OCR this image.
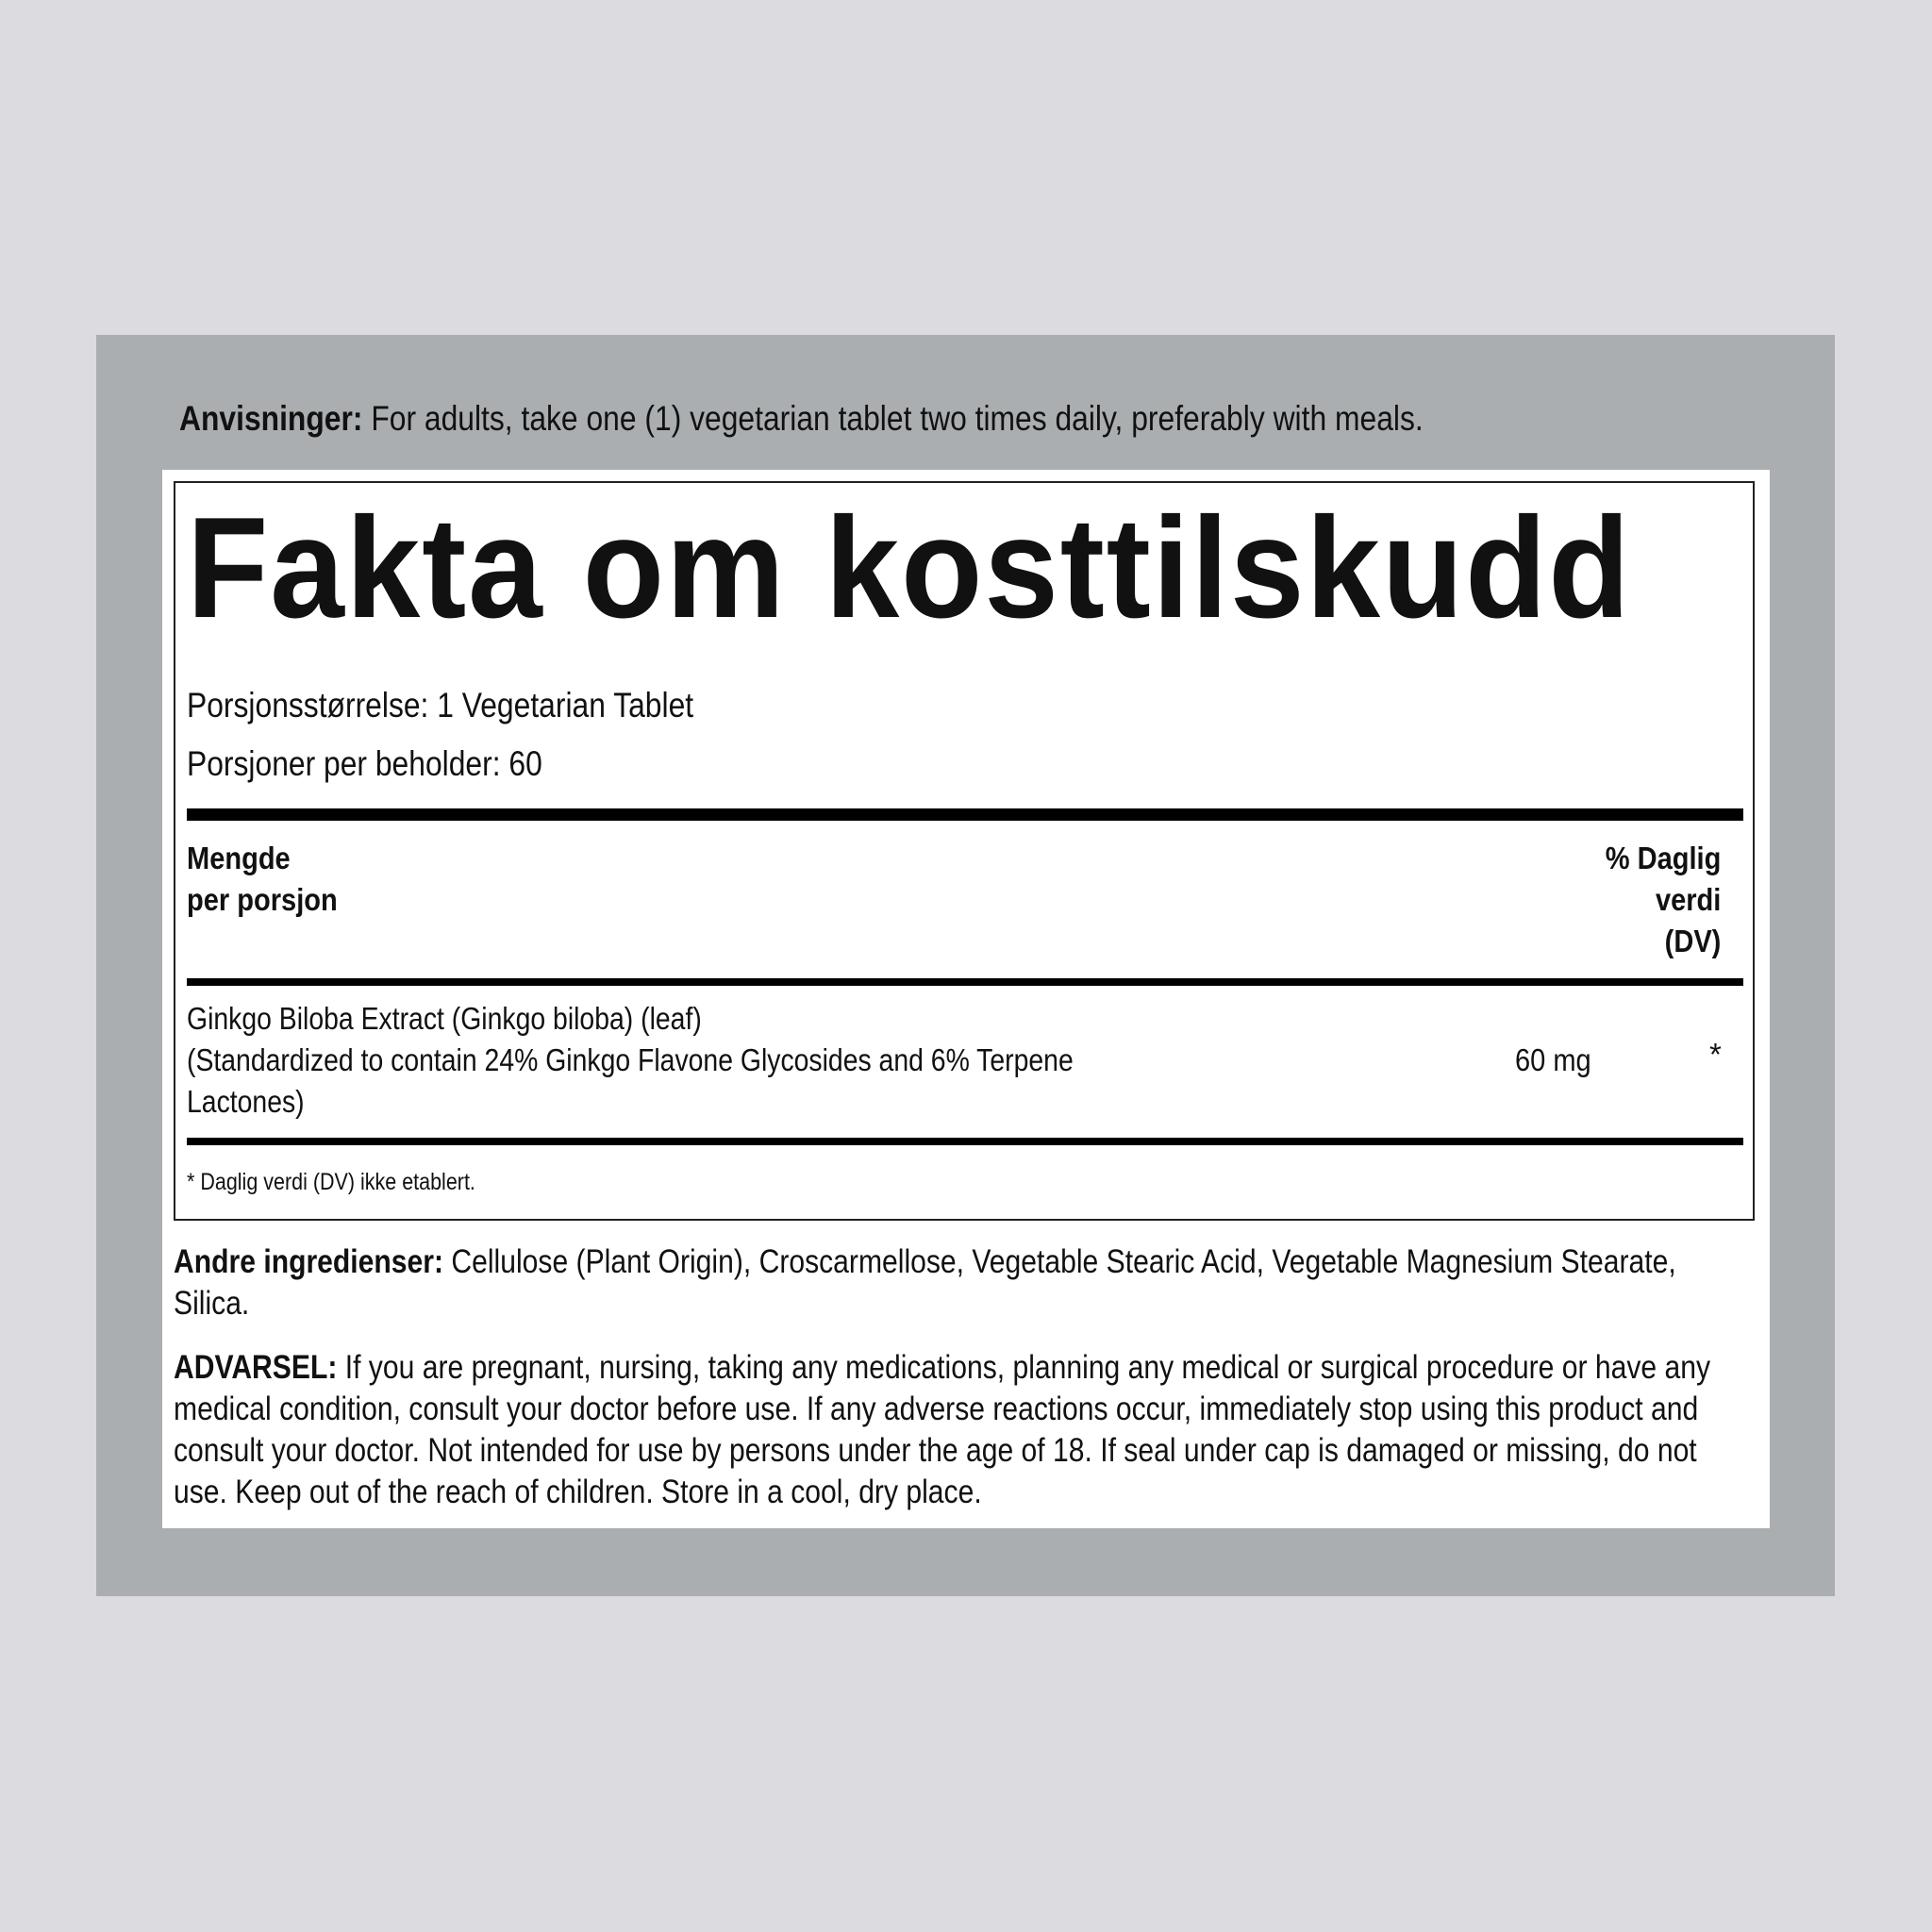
Anvisninger: For adults, take one (1) vegetarian tablet two times daily, preferably with meals.
Fakta om kosttilskudd
Porsjonsstørrelse: 1 Vegetarian Tablet
Porsjoner per beholder: 60
Mengde
per porsjon
% Daglig
verdi
(DV)
Ginkgo Biloba Extract (Ginkgo biloba) (leaf)
(Standardized to contain 24% Ginkgo Flavone Glycosides and 6% Terpene
Lactones)
60 mg	*
* Daglig verdi (DV) ikke etablert.
Andre ingredienser: Cellulose (Plant Origin), Croscarmellose, Vegetable Stearic Acid, Vegetable Magnesium Stearate, Silica.
ADVARSEL: If you are pregnant, nursing, taking any medications, planning any medical or surgical procedure or have any medical condition, consult your doctor before use. If any adverse reactions occur, immediately stop using this product and consult your doctor. Not intended for use by persons under the age of 18. If seal under cap is damaged or missing, do not use. Keep out of the reach of children. Store in a cool, dry place.
